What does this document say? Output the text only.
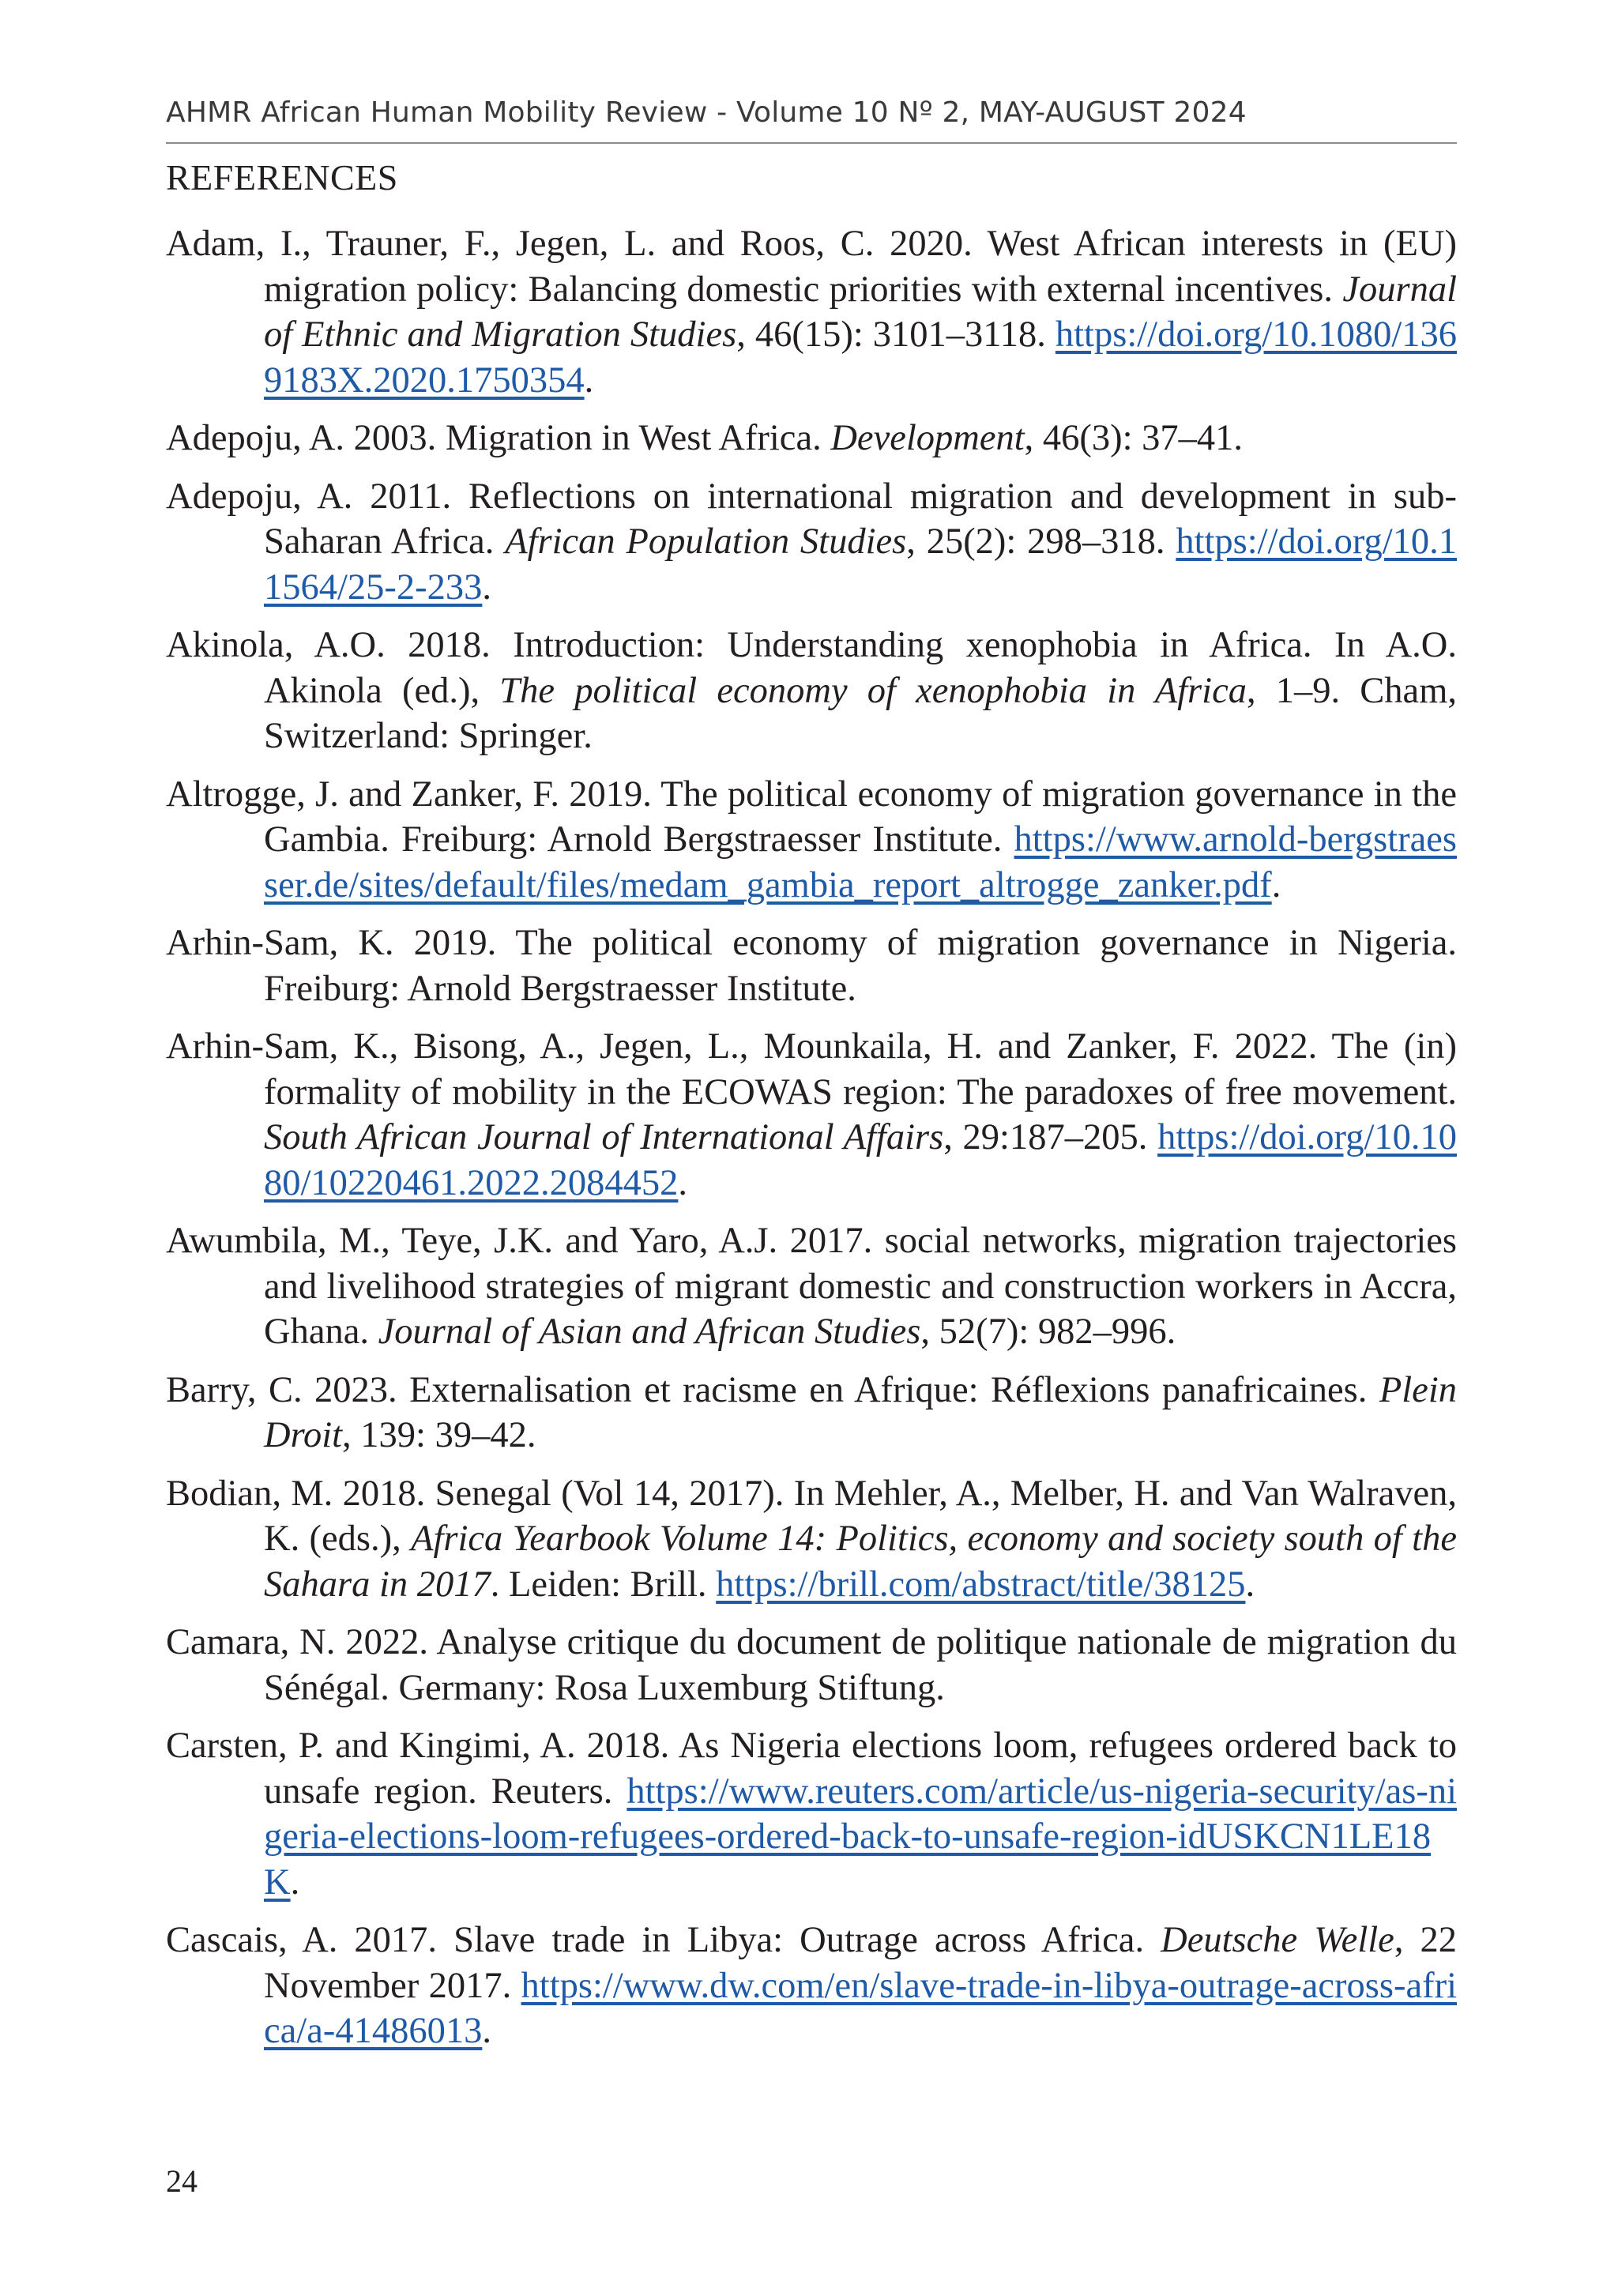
AHMR African Human Mobility Review - Volume 10 Nº 2, MAY-AUGUST 2024
REFERENCES

Adam, I., Trauner, F., Jegen, L. and Roos, C. 2020. West African interests in (EU) migration policy: Balancing domestic priorities with external incentives. Journal of Ethnic and Migration Studies, 46(15): 3101–3118. https://doi.org/10.1080/1369183X.2020.1750354.

Adepoju, A. 2003. Migration in West Africa. Development, 46(3): 37–41.

Adepoju, A. 2011. Reflections on international migration and development in sub-Saharan Africa. African Population Studies, 25(2): 298–318. https://doi.org/10.11564/25-2-233.

Akinola, A.O. 2018. Introduction: Understanding xenophobia in Africa. In A.O. Akinola (ed.), The political economy of xenophobia in Africa, 1–9. Cham, Switzerland: Springer.

Altrogge, J. and Zanker, F. 2019. The political economy of migration governance in the Gambia. Freiburg: Arnold Bergstraesser Institute. https://www.arnold-bergstraesser.de/sites/default/files/medam_gambia_report_altrogge_zanker.pdf.

Arhin-Sam, K. 2019. The political economy of migration governance in Nigeria. Freiburg: Arnold Bergstraesser Institute.

Arhin-Sam, K., Bisong, A., Jegen, L., Mounkaila, H. and Zanker, F. 2022. The (in) formality of mobility in the ECOWAS region: The paradoxes of free movement. South African Journal of International Affairs, 29:187–205. https://doi.org/10.1080/10220461.2022.2084452.

Awumbila, M., Teye, J.K. and Yaro, A.J. 2017. social networks, migration trajectories and livelihood strategies of migrant domestic and construction workers in Accra, Ghana. Journal of Asian and African Studies, 52(7): 982–996.

Barry, C. 2023. Externalisation et racisme en Afrique: Réflexions panafricaines. Plein Droit, 139: 39–42.

Bodian, M. 2018. Senegal (Vol 14, 2017). In Mehler, A., Melber, H. and Van Walraven, K. (eds.), Africa Yearbook Volume 14: Politics, economy and society south of the Sahara in 2017. Leiden: Brill. https://brill.com/abstract/title/38125.

Camara, N. 2022. Analyse critique du document de politique nationale de migration du Sénégal. Germany: Rosa Luxemburg Stiftung.

Carsten, P. and Kingimi, A. 2018. As Nigeria elections loom, refugees ordered back to unsafe region. Reuters. https://www.reuters.com/article/us-nigeria-security/as-nigeria-elections-loom-refugees-ordered-back-to-unsafe-region-idUSKCN1LE18K.

Cascais, A. 2017. Slave trade in Libya: Outrage across Africa. Deutsche Welle, 22 November 2017. https://www.dw.com/en/slave-trade-in-libya-outrage-across-africa/a-41486013.

24
